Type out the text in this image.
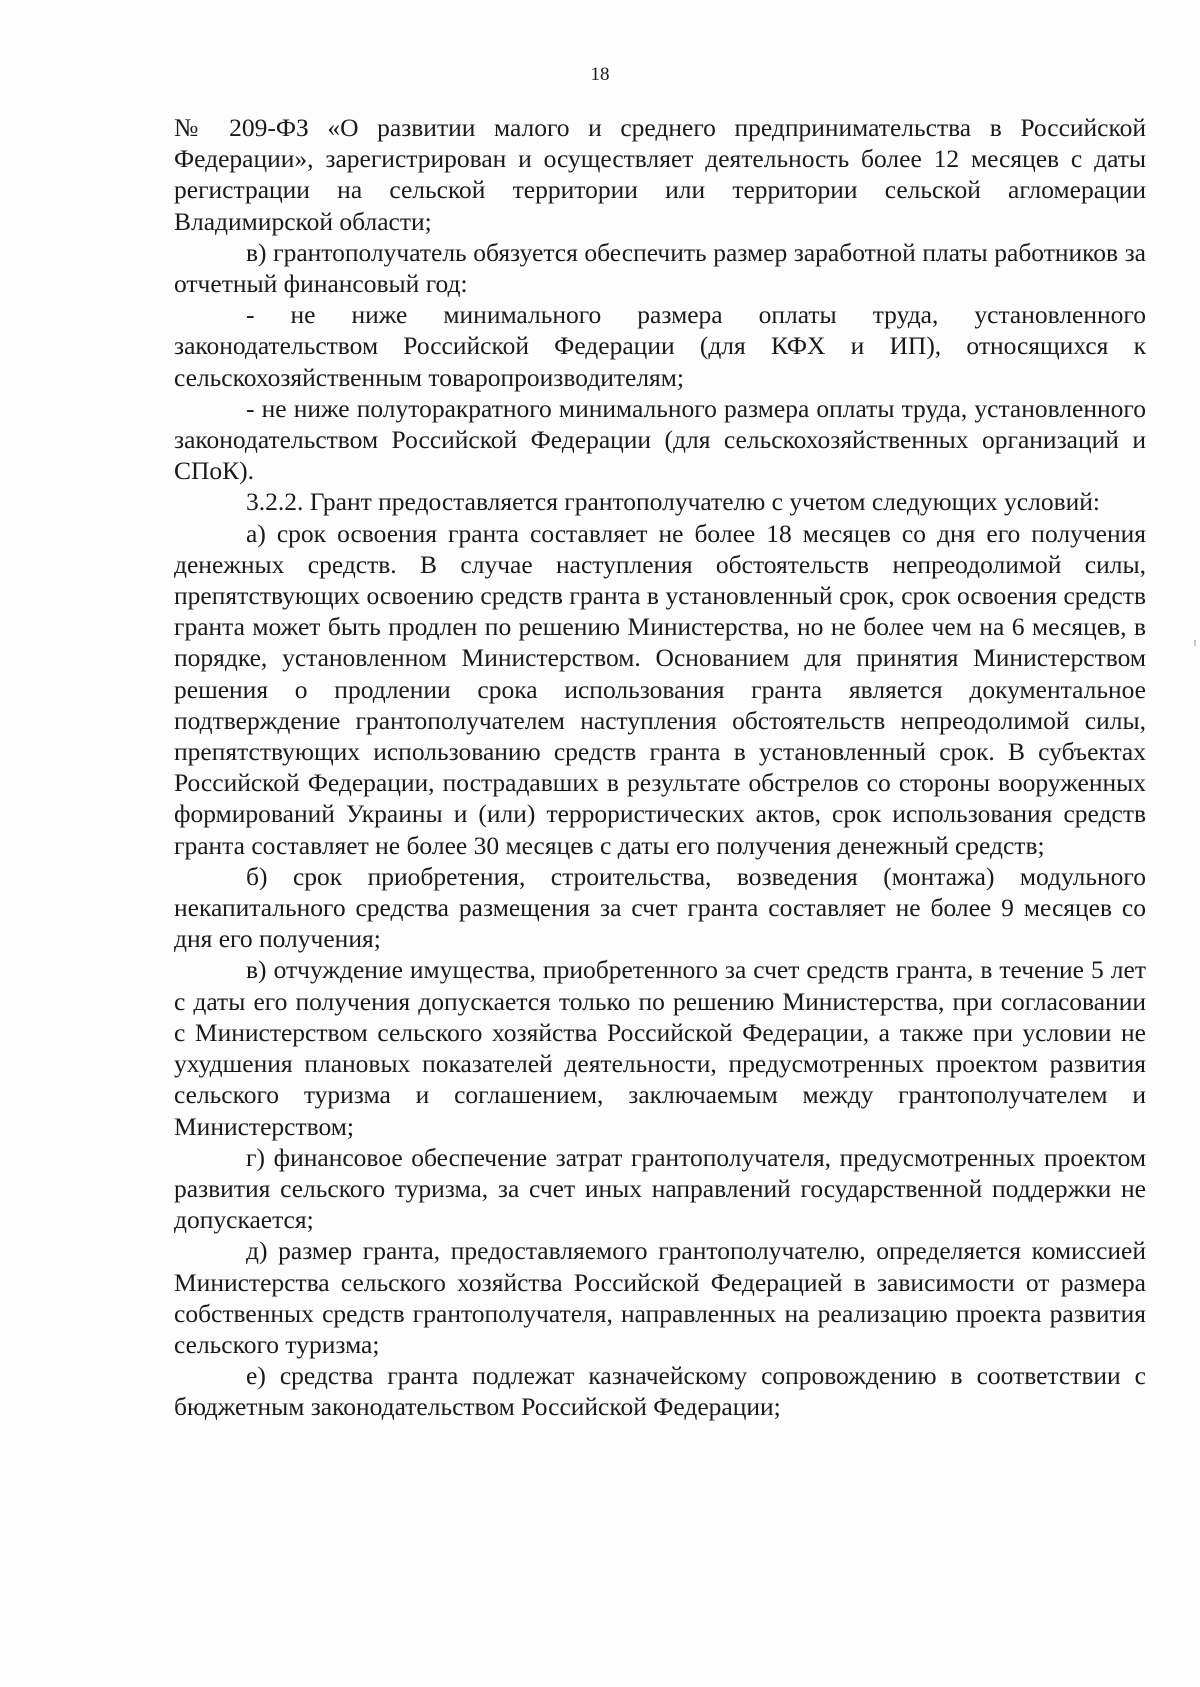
18

№ 209-ФЗ «О развитии малого и среднего предпринимательства в Российской Федерации», зарегистрирован и осуществляет деятельность более 12 месяцев с даты регистрации на сельской территории или территории сельской агломерации Владимирской области;

в) грантополучатель обязуется обеспечить размер заработной платы работников за отчетный финансовый год:

- не ниже минимального размера оплаты труда, установленного законодательством Российской Федерации (для КФХ и ИП), относящихся к сельскохозяйственным товаропроизводителям;

- не ниже полуторакратного минимального размера оплаты труда, установленного законодательством Российской Федерации (для сельскохозяйственных организаций и СПоК).

3.2.2. Грант предоставляется грантополучателю с учетом следующих условий:

а) срок освоения гранта составляет не более 18 месяцев со дня его получения денежных средств. В случае наступления обстоятельств непреодолимой силы, препятствующих освоению средств гранта в установленный срок, срок освоения средств гранта может быть продлен по решению Министерства, но не более чем на 6 месяцев, в порядке, установленном Министерством. Основанием для принятия Министерством решения о продлении срока использования гранта является документальное подтверждение грантополучателем наступления обстоятельств непреодолимой силы, препятствующих использованию средств гранта в установленный срок. В субъектах Российской Федерации, пострадавших в результате обстрелов со стороны вооруженных формирований Украины и (или) террористических актов, срок использования средств гранта составляет не более 30 месяцев с даты его получения денежный средств;

б) срок приобретения, строительства, возведения (монтажа) модульного некапитального средства размещения за счет гранта составляет не более 9 месяцев со дня его получения;

в) отчуждение имущества, приобретенного за счет средств гранта, в течение 5 лет с даты его получения допускается только по решению Министерства, при согласовании с Министерством сельского хозяйства Российской Федерации, а также при условии не ухудшения плановых показателей деятельности, предусмотренных проектом развития сельского туризма и соглашением, заключаемым между грантополучателем и Министерством;

г) финансовое обеспечение затрат грантополучателя, предусмотренных проектом развития сельского туризма, за счет иных направлений государственной поддержки не допускается;

д) размер гранта, предоставляемого грантополучателю, определяется комиссией Министерства сельского хозяйства Российской Федерацией в зависимости от размера собственных средств грантополучателя, направленных на реализацию проекта развития сельского туризма;

е) средства гранта подлежат казначейскому сопровождению в соответствии с бюджетным законодательством Российской Федерации;
